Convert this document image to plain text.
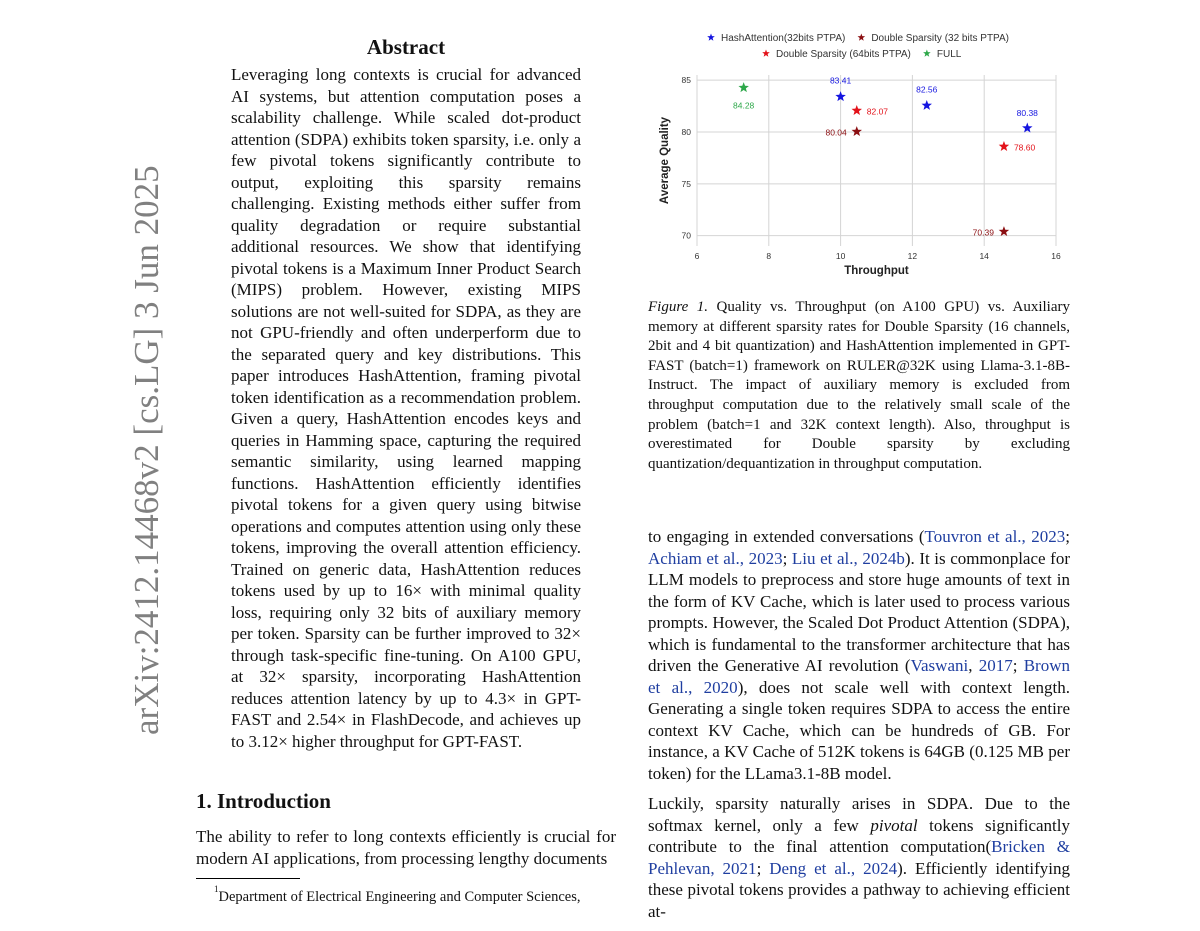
arXiv:2412.14468v2 [cs.LG] 3 Jun 2025
Abstract
Leveraging long contexts is crucial for advanced AI systems, but attention computation poses a scalability challenge. While scaled dot-product attention (SDPA) exhibits token sparsity, i.e. only a few pivotal tokens significantly contribute to output, exploiting this sparsity remains challenging. Existing methods either suffer from quality degradation or require substantial additional resources. We show that identifying pivotal tokens is a Maximum Inner Product Search (MIPS) problem. However, existing MIPS solutions are not well-suited for SDPA, as they are not GPU-friendly and often underperform due to the separated query and key distributions. This paper introduces HashAttention, framing pivotal token identification as a recommendation problem. Given a query, HashAttention encodes keys and queries in Hamming space, capturing the required semantic similarity, using learned mapping functions. HashAttention efficiently identifies pivotal tokens for a given query using bitwise operations and computes attention using only these tokens, improving the overall attention efficiency. Trained on generic data, HashAttention reduces tokens used by up to 16× with minimal quality loss, requiring only 32 bits of auxiliary memory per token. Sparsity can be further improved to 32× through task-specific fine-tuning. On A100 GPU, at 32× sparsity, incorporating HashAttention reduces attention latency by up to 4.3× in GPT-FAST and 2.54× in FlashDecode, and achieves up to 3.12× higher throughput for GPT-FAST.
1. Introduction
The ability to refer to long contexts efficiently is crucial for modern AI applications, from processing lengthy documents
$^1$Department of Electrical Engineering and Computer Sciences,
6	8	10	12	14	16
70
75
80
85
Throughput
Average Quality
83.41
82.56
80.38
80.04
70.39
82.07
78.60
84.28
HashAttention(32bits PTPA)	Double Sparsity (32 bits PTPA)
Double Sparsity (64bits PTPA)	FULL
Figure 1. Quality vs. Throughput (on A100 GPU) vs. Auxiliary memory at different sparsity rates for Double Sparsity (16 channels, 2bit and 4 bit quantization) and HashAttention implemented in GPT-FAST (batch=1) framework on RULER@32K using Llama-3.1-8B-Instruct. The impact of auxiliary memory is excluded from throughput computation due to the relatively small scale of the problem (batch=1 and 32K context length). Also, throughput is overestimated for Double sparsity by excluding quantization/dequantization in throughput computation.

to engaging in extended conversations (Touvron et al., 2023; Achiam et al., 2023; Liu et al., 2024b). It is commonplace for LLM models to preprocess and store huge amounts of text in the form of KV Cache, which is later used to process various prompts. However, the Scaled Dot Product Attention (SDPA), which is fundamental to the transformer architecture that has driven the Generative AI revolution (Vaswani, 2017; Brown et al., 2020), does not scale well with context length. Generating a single token requires SDPA to access the entire context KV Cache, which can be hundreds of GB. For instance, a KV Cache of 512K tokens is 64GB (0.125 MB per token) for the LLama3.1-8B model.

Luckily, sparsity naturally arises in SDPA. Due to the softmax kernel, only a few pivotal tokens significantly contribute to the final attention computation(Bricken & Pehlevan, 2021; Deng et al., 2024). Efficiently identifying these pivotal tokens provides a pathway to achieving efficient at-
